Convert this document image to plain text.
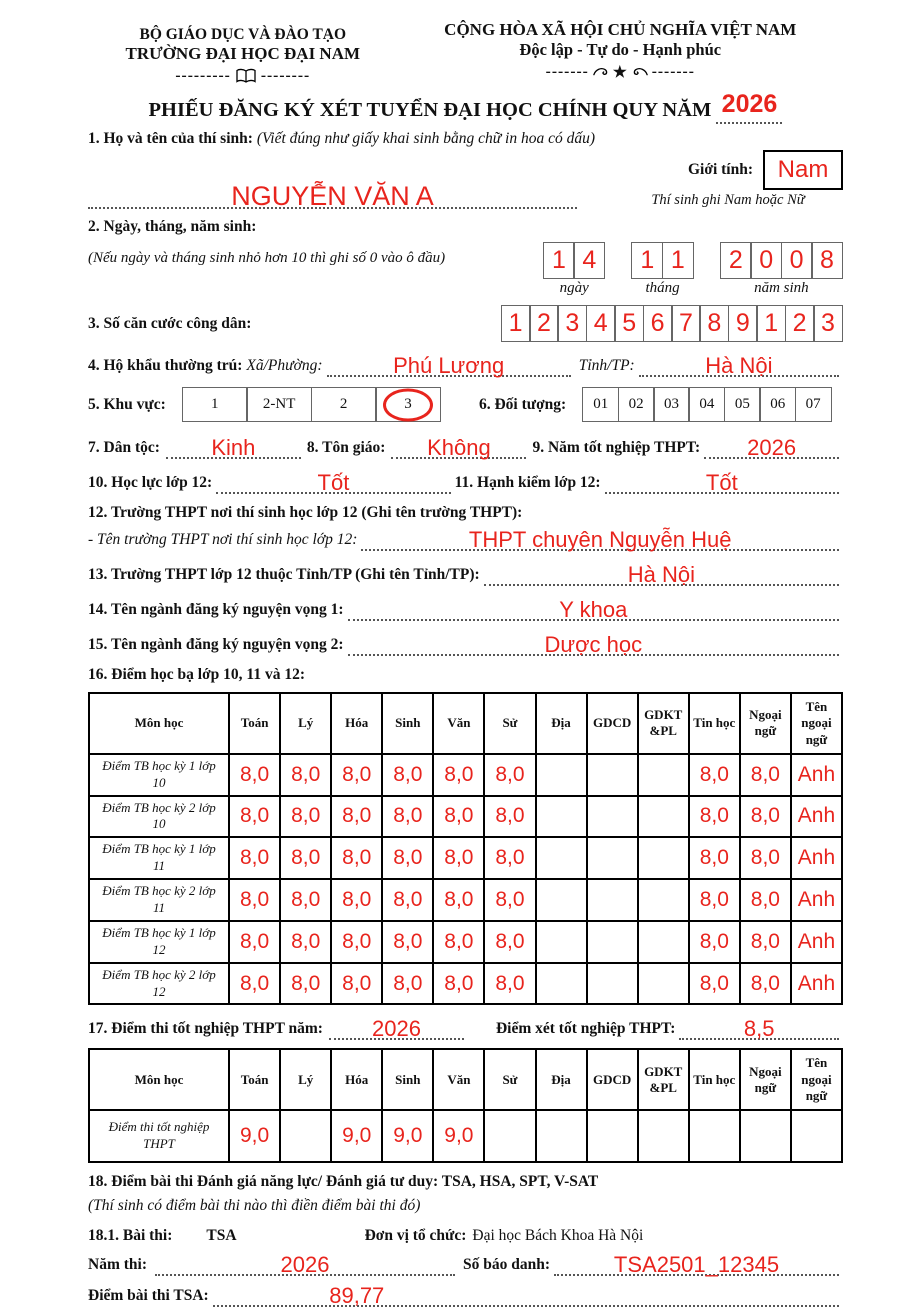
BỘ GIÁO DỤC VÀ ĐÀO TẠO
TRƯỜNG ĐẠI HỌC ĐẠI NAM
--------- --------
CỘNG HÒA XÃ HỘI CHỦ NGHĨA VIỆT NAM
Độc lập - Tự do - Hạnh phúc
------- ★ -------
PHIẾU ĐĂNG KÝ XÉT TUYỂN ĐẠI HỌC CHÍNH QUY NĂM 2026
1. Họ và tên của thí sinh:
(Viết đúng như giấy khai sinh bằng chữ in hoa có dấu)
NGUYỄN VĂN A
Giới tính: Nam
Thí sinh ghi Nam hoặc Nữ
2. Ngày, tháng, năm sinh:
(Nếu ngày và tháng sinh nhỏ hơn 10 thì ghi số 0 vào ô đầu)	1 4
ngày
1 1
tháng
2 0 0 8
năm sinh
3. Số căn cước công dân:	1 2 3 4 5 6 7 8 9 1 2 3
4. Hộ khẩu thường trú: Xã/Phường:	Phú Lương	Tỉnh/TP:	Hà Nội
5. Khu vực:	1	2-NT	2	3	6. Đối tượng: 01 02 03 04 05 06 07
7. Dân tộc:	Kinh	8. Tôn giáo:	Không	9. Năm tốt nghiệp THPT:	2026
10. Học lực lớp 12:	Tốt	11. Hạnh kiểm lớp 12:	Tốt
12. Trường THPT nơi thí sinh học lớp 12 (Ghi tên trường THPT):
- Tên trường THPT nơi thí sinh học lớp 12:	THPT chuyên Nguyễn Huệ
13. Trường THPT lớp 12 thuộc Tỉnh/TP (Ghi tên Tỉnh/TP):	Hà Nội
14. Tên ngành đăng ký nguyện vọng 1:	Y khoa
15. Tên ngành đăng ký nguyện vọng 2:	Dược học
16. Điểm học bạ lớp 10, 11 và 12:
Môn học	Toán	Lý	Hóa	Sinh	Văn	Sử	Địa	GDCD	GDKT &PL	Tin học	Ngoại ngữ	Tên ngoại ngữ
Điểm TB học kỳ 1 lớp 10	8,0	8,0	8,0	8,0	8,0	8,0				8,0	8,0	Anh
Điểm TB học kỳ 2 lớp 10	8,0	8,0	8,0	8,0	8,0	8,0				8,0	8,0	Anh
Điểm TB học kỳ 1 lớp 11	8,0	8,0	8,0	8,0	8,0	8,0				8,0	8,0	Anh
Điểm TB học kỳ 2 lớp 11	8,0	8,0	8,0	8,0	8,0	8,0				8,0	8,0	Anh
Điểm TB học kỳ 1 lớp 12	8,0	8,0	8,0	8,0	8,0	8,0				8,0	8,0	Anh
Điểm TB học kỳ 2 lớp 12	8,0	8,0	8,0	8,0	8,0	8,0				8,0	8,0	Anh
17. Điểm thi tốt nghiệp THPT năm:	2026	Điểm xét tốt nghiệp THPT:	8,5
Môn học	Toán	Lý	Hóa	Sinh	Văn	Sử	Địa	GDCD	GDKT &PL	Tin học	Ngoại ngữ	Tên ngoại ngữ
Điểm thi tốt nghiệp THPT	9,0		9,0	9,0	9,0							
18. Điểm bài thi Đánh giá năng lực/ Đánh giá tư duy: TSA, HSA, SPT, V-SAT
(Thí sinh có điểm bài thi nào thì điền điểm bài thi đó)
18.1. Bài thi: TSA	Đơn vị tổ chức: Đại học Bách Khoa Hà Nội
Năm thi:	2026	Số báo danh:	TSA2501_12345
Điểm bài thi TSA:	89,77
